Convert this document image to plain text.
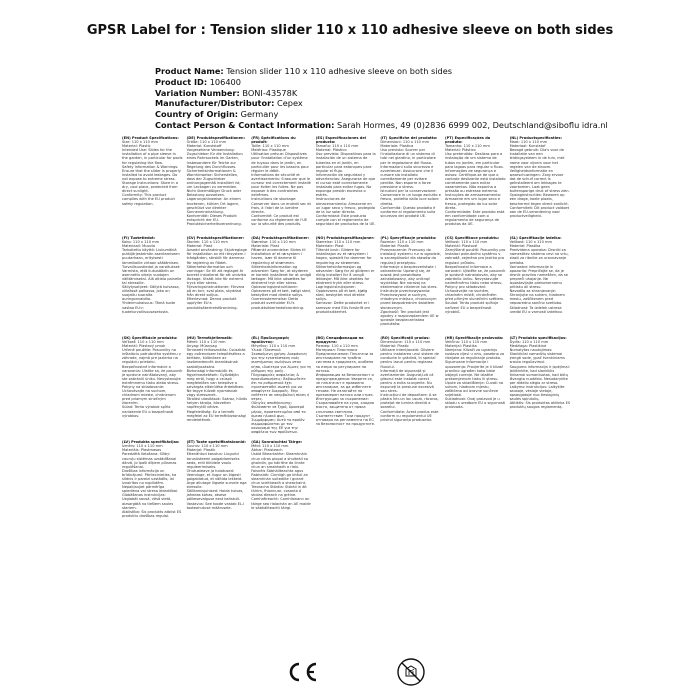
GPSR Label for : Tension slider 110 x 110 adhesive sleeve on both sides
Product Name: Tension slider 110 x 110 adhesive sleeve on both sides
Product ID: 106400
Variation Number: BONI-43578K
Manufacturer/Distributor: Cepex
Country of Origin: Germany
Contact Person & Contact Information: Sarah Hormes, 49 (0)2836 6999 002, Deutschland@siboflu idra.nl
(EN) Product Specifications:
Size: 110 x 110 mm
Material: Plastic
Intended Use: Slides for the installation of a pipe sleeve in the garden, in particular for pools for regulating the flow.
Safety Information & Warnings: Ensure that the slider is properly installed to avoid leakages. Do not expose to extreme stress.
Storage Instructions: Store in a dry, cool place, protected from direct sunlight.
Conformity: This product complies with the EU product safety regulation.
(DE) Produktspezifikationen:
Größe: 110 x 110 mm
Material: Kunststoff
Vorgesehene Verwendung: Zugschieber für die Installation eines Rohrsockels im Garten, insbesondere für Teiche zur Regelung des Durchflusses.
Sicherheitsinformationen & Warnhinweise: Sicherstellen, dass der Zugschieber ordnungsgemäß installiert ist, um Leckagen zu vermeiden. Nicht übermäßiger Druck oder Belastung aussetzen.
Lagerungshinweise: An einem trockenen, kühlen Ort lagern, geschützt vor direkter Sonneneinstrahlung.
Konformität: Dieses Produkt entspricht der EU-Produktsicherheitsverordnung.
(FR) Spécifications du produit:
Taille: 110 x 110 mm
Matériau: Plastique
Utilisation prévue: Dispositives pour l'installation d'un système de tuyaux dans le jardin, en particulier pour les bassins pour réguler le débit.
Informations de sécurité et avertissements: S'assurer que le curseur est correctement installé pour éviter les fuites. Ne pas exposer à des contraintes extrêmes.
Instructions de stockage: Conserver dans un endroit sec et frais, à l'abri de la lumière directe.
Conformité: Ce produit est conforme au règlement de l'UE sur la sécurité des produits.
(ES) Especificaciones del producto:
Tamaño: 110 x 110 mm
Material: Plástico
Uso previsto: Dispositivos para la instalación de un sistema de tuberías en el jardín, en particular para estanques para regular el flujo.
Información de seguridad y advertencias: Asegurarse de que el cursor esté correctamente instalado para evitar fugas. No exponga presión excesiva o estrés.
Instrucciones de almacenamiento: Almacene en un lugar seco y fresco, protegido de la luz solar directa.
Conformidad: Este producto cumple con el reglamento de seguridad de productos de la UE.
(IT) Specifiche del prodotto:
Dimensioni: 110 x 110 mm
Materiale: Plastica
Uso previsto: Scorrer per l'installazione di un sistema di tubi nel giardino, in particolare per le regolazione del flusso.
Informazioni sulla sicurezza e avvertenze: Assicurarsi che il cursore sia installato correttamente per evitare perdite. Non esporre a forze pressione o stress.
Istruzioni per la conservazione: Conservare in un luogo asciutto e fresco, protetto dalla luce solare diretta.
Conformità: Questo prodotto è conforme al regolamento sulla sicurezza dei prodotti UE.
(PT) Especificações do produto:
Tamanho: 110 x 110 mm
Material: Plástico
Uso pretendido: Deslizas para a instalação de um sistema de tubos no jardim, em particular para lagoas para regular o fluxo.
Informações de segurança e avisos: Certifique-se de que o controle deslizante está instalado corretamente para evitar vazamentos. Não exponha a pressão ou estresse extremo.
Instruções de armazenamento: Armazene em um lugar seco e fresco, protegido da luz solar direta.
Conformidade: Este produto está em conformidade com o regulamento de segurança de produtos da UE.
(NL) Productspecificaties:
Maat: 110 x 110 mm
Materiaal: Kunststof
Beoogd gebruik: Dia's voor de installatie van een leidingsysteem in de tuin, met name voor vijvers voor het regelen van de stroom.
Veiligheidsinformatie en waarschuwingen: Zorg ervoor dat de schuif correct is geïnstalleerd om lekkages te voorkomen. Laat geen buitensporige druk of stress zien.
Opslaginstructies: Bewaren op een droge, koele plaats, beschermd tegen direct zonlicht.
Conformiteit: Dit product voldoet aan de EU-verordening voor productveiligheid.
(FI) Tuotetiedot:
Koko: 110 x 110 mm
Materiaali: Muovia
Tarkoitettu käyttö: Liukumäkiä putkijärjestelmän asentamiseen puutarhaan, erityisesti lammikoille virtaan säätämisen.
Turvallisuustiedot ja varoitukset: Varmista, että liukusäädin on asennettu oikein vuotojen välttämiseksi. Älä altista painelle tai stressille.
Säilytysohjeet: Säilytä kuivassa, viileässä paikassa, joka on suojattu suoralta auringonvalolta.
Yhdenmukaisuus: Tämä tuote vastaa EU:n tuoteturvallisuusasetusta.
(SV) Produktspecifikationer:
Storlek: 110 x 110 mm
Material: Plast
Avsedd användning: Skjutreglage för installation av ett rörsystem i trädgården, särskilt för dammar för reglering av flödet.
Säkerhetsinformation och varningar: Se till att reglaget är korrekt installerat för att undvika läckage. Utsätt inte för extremt tryck eller stress.
Förvaringsinstruktioner: Förvara på en torr, sval plats, skyddad från direkt solljus.
Efterlevnad: Denna produkt uppfyller EU:s produktsäkerhetsförordning.
(DA) Produktspecifikationer:
Størrelse: 110 x 110 mm
Materiale: Plast
Påtænkt anvendelse: Slides til installation af et rørsystem i haven, især til damme til regulering af strømmen.
Sikkerhedsinformation og advarsler: Sørg for, at skyderen er korrekt installeret for at undgå lækager. Må ikke udsættes for ekstremt tryk eller stress.
Opbevaringsinstruktioner: Opbevares på et tørt, køligt sted, beskyttet mod direkte sollys.
Overensstemmelse: Dette produkt overholder EU's produktsikkerhedsforordning.
(NO) Produktspesifikasjoner:
Størrelse: 110 x 110 mm
Materiale: Plast
Tiltenkt bruk: Glidere for installasjon av et rørsystem i hagen, spesielt for dammer for regulering av strømmen.
Sikkerhetsinformasjon og advarsler: Sørg for at glideren er riktig installert for å unngå lekkasjer. Må ikke utsettes for ekstremt trykk eller stress.
Lagringsinstruksjoner: Oppbevares på et tørt, kjølig sted, beskyttet mot direkte sollys.
Samsvar: Dette produktet er i samsvar med EUs forskrift om produktsikkerhet.
(PL) Specyfikacje produktu:
Rozmiar: 110 x 110 mm
Materiał: Plastik
Przeznaczenie: Przesuwy do instalacji systemu rur w ogrodzie, w szczególności dla stawów do regulacji przepływu.
Informacje o bezpieczeństwie i ostrzeżenia: Upewnij się, że suwak jest prawidłowo zainstalowany, aby uniknąć wycieków. Nie narażaj na ekstremalne ciśnienie lub stres.
Instrukcje przechowywania: Przechowywać w suchym, chłodnym miejscu, chronionym przed bezpośrednim światłem słonecznym.
Zgodność: Ten produkt jest zgodny z rozporządzeniem UE w sprawie bezpieczeństwa produktów.
(CS) Specifikace produktu:
Velikost: 110 x 110 mm
Materiál: Plastové
Zamýšlené použití: Posuvníky pro instalaci potrubního systému v zahradě, zejména pro jezírka pro regulaci průtoku.
Bezpečnostní informace a varování: Ujistěte se, že posuvník je správně nainstalován, aby se zabránilo úniku. Nevystavujte nadměrnému tlaku nebo stresu.
Pokyny pro skladování: Uchovávejte na suchém, chladném místě, chráněném před přímým slunečním světlem.
Soulad: Tento produkt splňuje nařízení EU o bezpečnosti výrobků.
(SL) Specifikacije izdelka:
Velikost: 110 x 110 mm
Material: Plastika
Predvidena uporaba: Drsniki za namestitev sistema cevi na vrtu, zlasti za ribnike za uravnavanje pretoka.
Varnostne informacije in opozorila: Prepričajte se, da je drsnik pravilno nameščen, da se prepreči uhajanje. Ne izpostavljajte prekomernemu pritisku ali stresu.
Navodila za shranjevanje: Shranjujte na suhem, hladnem mestu, zaščitenem pred neposredno sončno svetlobo.
Skladnost: Ta izdelek ustreza uredbi EU o varnosti izdelkov.
(SK) Špecifikácie produktu:
Veľkosť: 110 x 110 mm
Materiál: Plastový prvok
Určené použitie: Posuvníky na inštaláciu potrubného systému v záhrade, najmä pre jazierka na reguláciu prietoku.
Bezpečnostné informácie a varovania: Uistite sa, že posuvník je správne nainštalovaný, aby ste zabránili úniku. Nevystavujte extrémnemu tlaku alebo stresu.
Pokyny na skladovanie: Uchovávajte na suchom, chladnom mieste, chránenom pred priamym slnečným žiarením.
Súlad: Tento výrobok spĺňa nariadenie EÚ o bezpečnosti výrobkov.
(HU) Termékjellemzők:
Méret: 110 x 110 mm
Anyag: Műanyag
Tervezett felhasználás: Csúszkák egy csőrendszer telepítéséhez a kertben, különösen az úszómedencék áramlásának szabályozására.
Biztonsági információk és figyelmeztetések: Győződjön meg arról, hogy a csúszó megfelelően van telepítve a szivárgás elkerülése érdekében. Ne tegye túlzott nyomásnak vagy stressznek.
Tárolási utasítások: Száraz, hűvös helyen tárolja, közvetlen napfénytől védve.
Megfelelőség: Ez a termék megfelel az EU termékbiztonsági rendeletének.
(EL) Προδιαγραφές προϊόντος:
Μέγεθος: 110 x 110 mm
Υλικό: Πλαστικό
Σκοπούμενη χρήση: Διαφάνειες για την εγκατάσταση ενός συστήματος σωλήνων στον κήπο, ιδιαίτερα για λίμνες για τη ρύθμιση της ροής.
Πληροφορίες ασφαλείας & προειδοποιήσεις: Βεβαιωθείτε ότι το ρυθμιστικό έχει εγκατασταθεί σωστά για να αποφύγετε διαρροές. Μην εκθέτετε σε υπερβολική πίεση ή στρες.
Οδηγίες αποθήκευσης: Φυλάσσετε σε ξηρό, δροσερό μέρος, προστατευμένο από το άμεσο ηλιακό φως.
Συμμόρφωση: Αυτό το προϊόν συμμορφώνεται με τον κανονισμό της ΕΕ για την ασφάλεια των προϊόντων.
(BG) Спецификации на продукта:
Размер: 110 x 110 mm
Материал: Пластмаса
Предназначение: Плъзгачи за инсталиране на тръбна система в градината, особено за езера за регулиране на потока.
Информация за безопасност и предупреждения: Уверете се, че плъзгачът е правилно инсталиран, за да избегнете течове. Не излагайте на прекомерен натиск или стрес.
Инструкции за съхранение: Съхранявайте на сухо, хладно място, защитено от пряка слънчева светлина.
Съответствие: Този продукт отговаря на регламента на ЕС за безопасност на продуктите.
(RO) Specificații produs:
Dimensiune: 110 x 110 mm
Material: Plastic
Utilizare intenționată: Glisiere pentru instalarea unui sistem de conducte în grădină, în special pentru iazuri pentru reglarea fluxului.
Informații de siguranță și avertismente: Asigurați-vă că glisorul este instalat corect pentru a evita scurgerile. Nu expuneți la presiune excesivă sau stres.
Instrucțiuni de depozitare: A se păstra într-un loc uscat, răcoros, protejat de lumina directă a soarelui.
Conformitate: Acest produs este conform cu regulamentul UE privind siguranța produselor.
(HR) Specifikacije proizvoda:
Veličina: 110 x 110 mm
Materijal: Plastika
Namjena: Klizači za ugradnju sustava cijevi u vrtu, posebno za ribnjake za reguliranje protoka.
Sigurnosne informacije i upozorenja: Provjerite je li klizač pravilno ugrađen kako biste izbjegli curenje. Ne izlažite prekomjernom tlaku ili stresu.
Upute za skladištenje: Čuvati na suhom, hladnom mjestu, zaštićeno od izravne sunčeve svjetlosti.
Sukladnost: Ovaj proizvod je u skladu s uredbom EU o sigurnosti proizvoda.
(LT) Produkto specifikacijos:
Dydis: 110 x 110 mm
Medžiaga: Plastikinė
Numatytas naudojimas: Slankikliai vamzdžių sistemai įrengti sode, ypač tvenkiniams srauto reguliavimui.
Saugumo informacija ir įspėjimai: Įsitikinkite, kad slankiklis tinkamai sumontuotas, kad būtų išvengta nuotėkio. Nesudarykite per didelio slėgio ar streso.
Laikymo instrukcijos: Laikykite sausoje, vėsioje vietoje, apsaugotoje nuo tiesioginių saulės spindulių.
Atitiktis: Šis produktas atitinka ES produktų saugos reglamentą.
(LV) Produkta specifikācijas:
Izmērs: 110 x 110 mm
Materiāls: Plastmasas
Paredzētā lietošana: Slīdņi cauruļu sistēmas uzstādīšanai dārzā, jo īpaši dīķiem plūsmas regulēšanai.
Drošības informācija un brīdinājumi: Pārliecinieties, ka slīdnis ir pareizi uzstādīts, lai izvairītos no noplūdēm. Nepakļaujiet pārmērīga spiediena vai stresa iedarbībai.
Glabāšanas instrukcijas: Uzglabāt sausā, vēsā vietā, aizsargātā no tiešiem saules stariem.
Atbilstība: Šis produkts atbilst ES produktu drošības regulai.
(ET) Toote spetsifikatsioonid:
Suurus: 110 x 110 mm
Materjal: Plastik
Ettenähtud kasutus: Liugurid torusüsteemi paigaldamiseks aeda, eriti tiikidele voolu reguleerimiseks.
Ohutusteave ja hoiatused: Veenduge, et liugur on õigesti paigaldatud, et vältida lekkeid. Ärge allutage liigsele survele ega stressile.
Säilitamisjuhised: Hoida kuivas, jahedas kohas, otsese päikesevalguse eest kaitstult.
Vastavus: See toode vastab EL-i tooteohutuse määrusele.
(GA) Sonraíochtaí Táirge:
Méid: 110 x 110 mm
Ábhar: Plaisteach
Úsáid Bheartaithe: Sleamhnáin chun córas píopaí a shuiteáil sa ghairdín, go háirithe do linnte chun an sreabhadh a rialú.
Faisnéis Sábháilteachta agus Rabhaidh: Cinntigh go bhfuil an sleamhnán suiteáilte i gceart chun sceitheadh a sheachaint.
Treoracha Stórála: Stóráil in áit thirim, fhionnuar, cosanta ó sholas díreach na gréine.
Comhréireacht: Comhlíonann an táirge seo rialachán an AE maidir le sábháilteacht táirgí.
